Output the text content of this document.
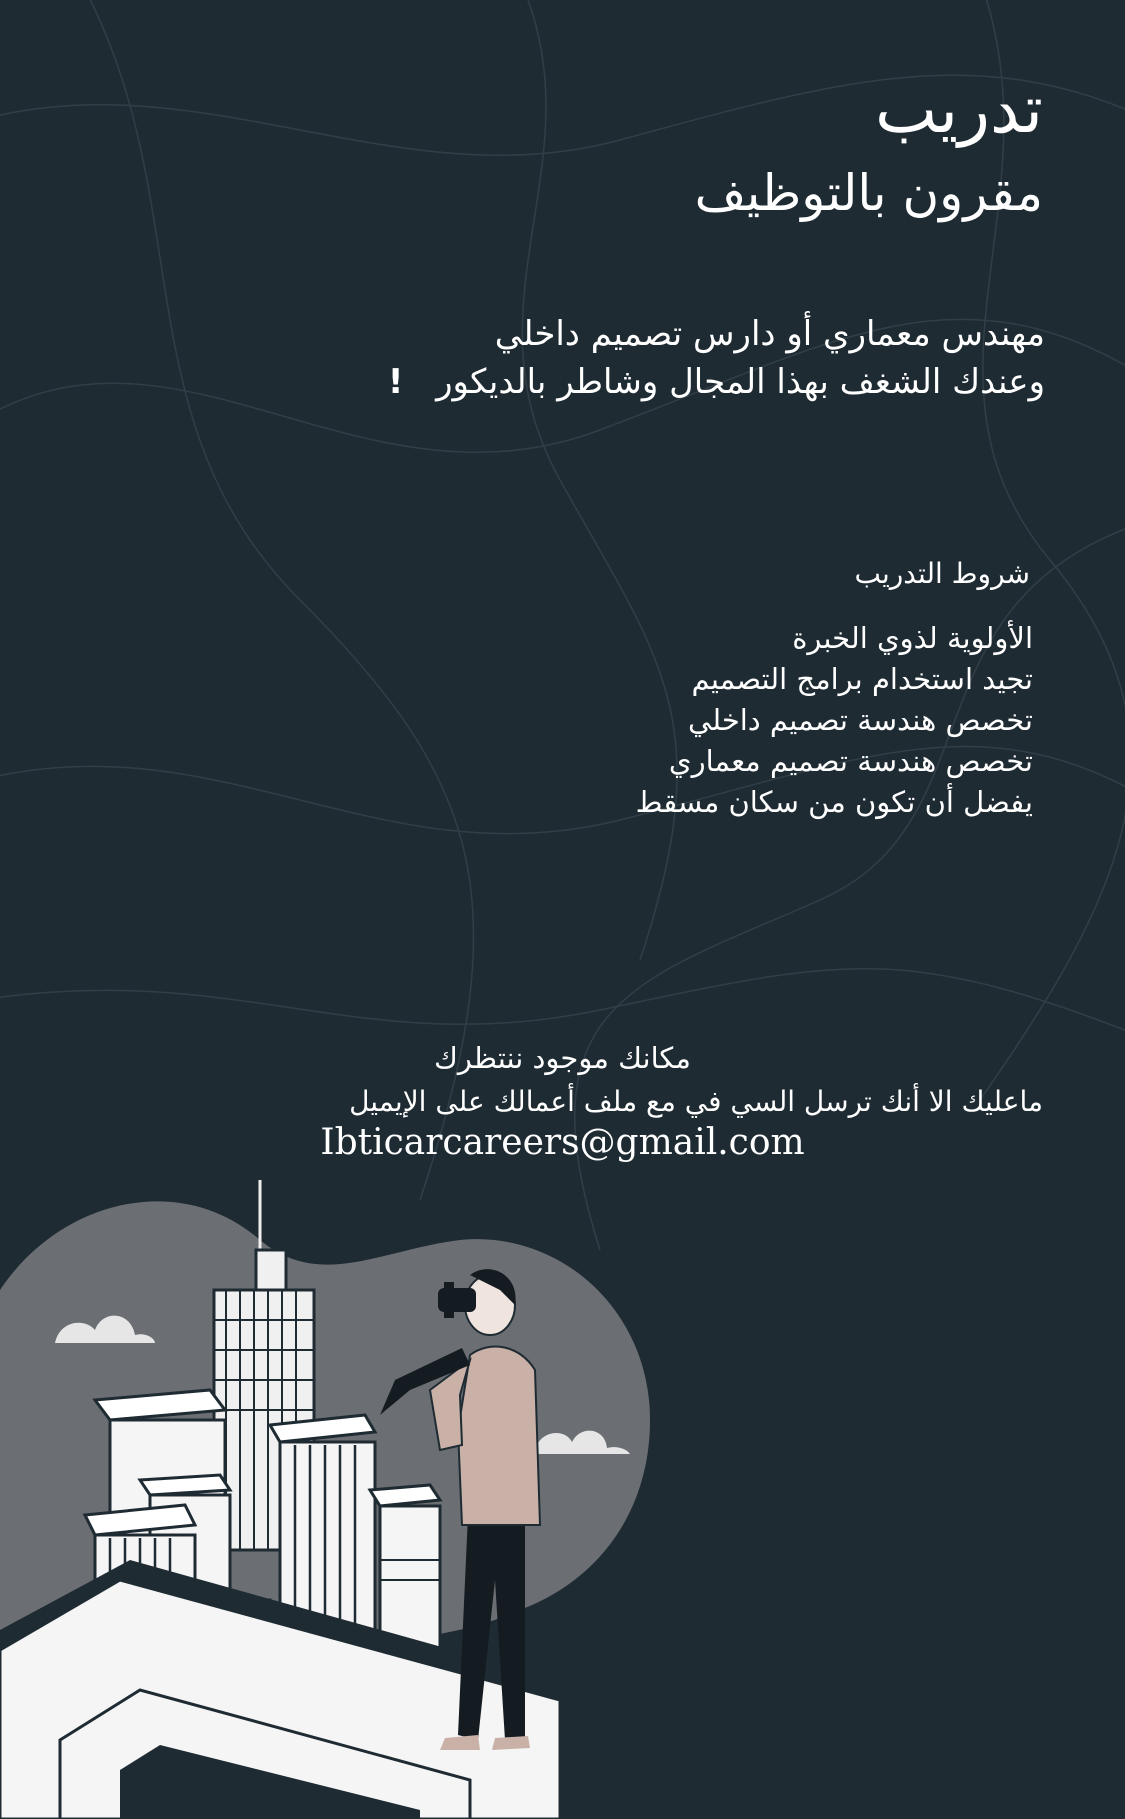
تدريب
مقرون بالتوظيف
مهندس معماري أو دارس تصميم داخلي
وعندك الشغف بهذا المجال وشاطر بالديكور !
شروط التدريب
الأولوية لذوي الخبرة
تجيد استخدام برامج التصميم
تخصص هندسة تصميم داخلي
تخصص هندسة تصميم معماري
يفضل أن تكون من سكان مسقط
مكانك موجود ننتظرك
ماعليك الا أنك ترسل السي في مع ملف أعمالك على الإيميل
Ibticarcareers@gmail.com
